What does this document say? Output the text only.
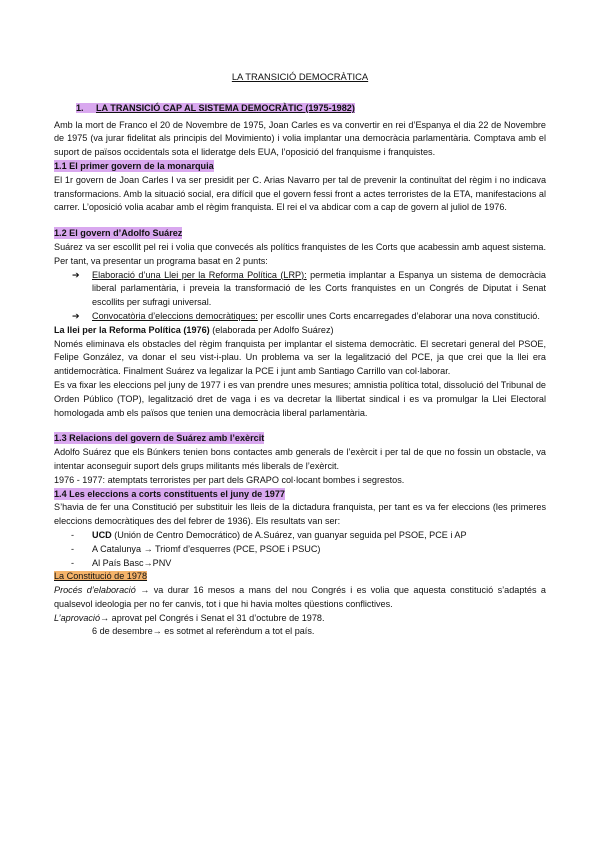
LA TRANSICIÓ DEMOCRÀTICA
1. LA TRANSICIÓ CAP AL SISTEMA DEMOCRÀTIC (1975-1982)

Amb la mort de Franco el 20 de Novembre de 1975, Joan Carles es va convertir en rei d’Espanya el dia 22 de Novembre de 1975 (va jurar fidelitat als principis del Movimiento) i volia implantar una democràcia parlamentària. Comptava amb el suport de països occidentals sota el lideratge dels EUA, l’oposició del franquisme i franquistes.

1.1 El primer govern de la monarquia

El 1r govern de Joan Carles I va ser presidit per C. Arias Navarro per tal de prevenir la continuïtat del règim i no indicava transformacions. Amb la situació social, era difícil que el govern fessi front a actes terroristes de la ETA, manifestacions al carrer. L’oposició volia acabar amb el règim franquista. El rei el va abdicar com a cap de govern al juliol de 1976.

1.2 El govern d’Adolfo Suárez

Suárez va ser escollit pel rei i volia que convecés als polítics franquistes de les Corts que acabessin amb aquest sistema. Per tant, va presentar un programa basat en 2 punts:

➔ Elaboració d’una Llei per la Reforma Política (LRP): permetia implantar a Espanya un sistema de democràcia liberal parlamentària, i preveia la transformació de les Corts franquistes en un Congrés de Diputat i Senat escollits per sufragi universal.

➔ Convocatòria d’eleccions democràtiques: per escollir unes Corts encarregades d’elaborar una nova constitució.

La llei per la Reforma Política (1976) (elaborada per Adolfo Suárez)

Només eliminava els obstacles del règim franquista per implantar el sistema democràtic. El secretari general del PSOE, Felipe González, va donar el seu vist-i-plau. Un problema va ser la legalització del PCE, ja que crei que la llei era antidemocràtica. Finalment Suárez va legalizar la PCE i junt amb Santiago Carrillo van col·laborar.

Es va fixar les eleccions pel juny de 1977 i es van prendre unes mesures; amnistia política total, dissolució del Tribunal de Orden Público (TOP), legalització dret de vaga i es va decretar la llibertat sindical i es va promulgar la Llei Electoral homologada amb els països que tenien una democràcia liberal parlamentària.

1.3 Relacions del govern de Suárez amb l’exèrcit

Adolfo Suárez que els Búnkers tenien bons contactes amb generals de l’exèrcit i per tal de que no fossin un obstacle, va intentar aconseguir suport dels grups militants més liberals de l’exèrcit.

1976 - 1977: atemptats terroristes per part dels GRAPO col·locant bombes i segrestos.

1.4 Les eleccions a corts constituents el juny de 1977

S’havia de fer una Constitució per substituir les lleis de la dictadura franquista, per tant es va fer eleccions (les primeres eleccions democràtiques des del febrer de 1936). Els resultats van ser:

- UCD (Unión de Centro Democrático) de A.Suárez, van guanyar seguida pel PSOE, PCE i AP

- A Catalunya → Triomf d’esquerres (PCE, PSOE i PSUC)

- Al País Basc→PNV

La Constitució de 1978

Procés d’elaboració → va durar 16 mesos a mans del nou Congrés i es volia que aquesta constitució s’adaptés a qualsevol ideologia per no fer canvis, tot i que hi havia moltes qüestions conflictives.

L’aprovació→ aprovat pel Congrés i Senat el 31 d’octubre de 1978.

6 de desembre→ es sotmet al referèndum a tot el país.
